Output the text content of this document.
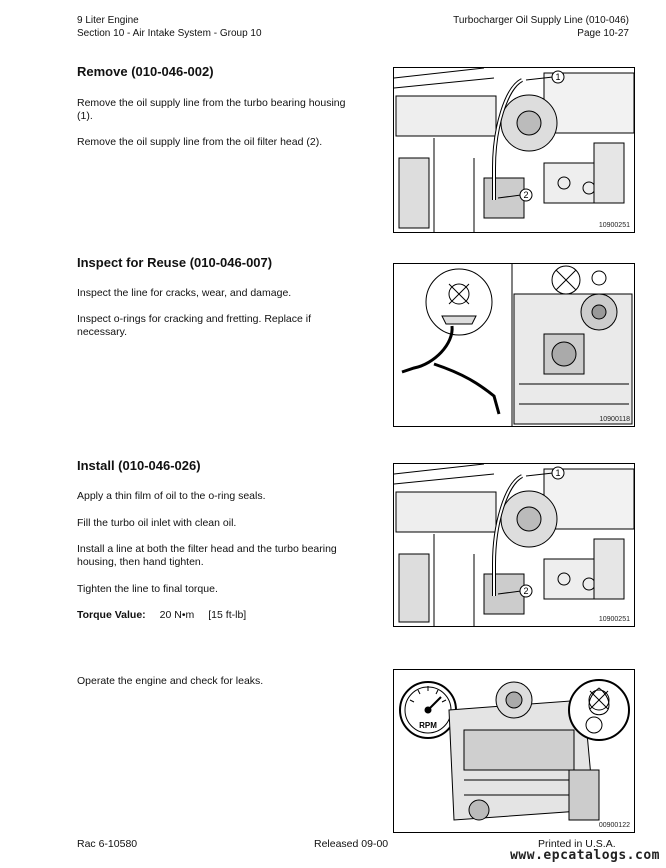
9 Liter Engine
Section 10 - Air Intake System - Group 10
Turbocharger Oil Supply Line (010-046)
Page 10-27
Remove (010-046-002)
Remove the oil supply line from the turbo bearing housing (1).
Remove the oil supply line from the oil filter head (2).
1
2
10900251
Inspect for Reuse (010-046-007)
Inspect the line for cracks, wear, and damage.
Inspect o-rings for cracking and fretting. Replace if necessary.
10900118
Install (010-046-026)
Apply a thin film of oil to the o-ring seals.
Fill the turbo oil inlet with clean oil.
Install a line at both the filter head and the turbo bearing housing, then hand tighten.
Tighten the line to final torque.
Torque Value: 20 N•m [15 ft-lb]
1
2
10900251
Operate the engine and check for leaks.
RPM
00900122
Rac 6-10580	Released 09-00	Printed in U.S.A.
www.epcatalogs.com
